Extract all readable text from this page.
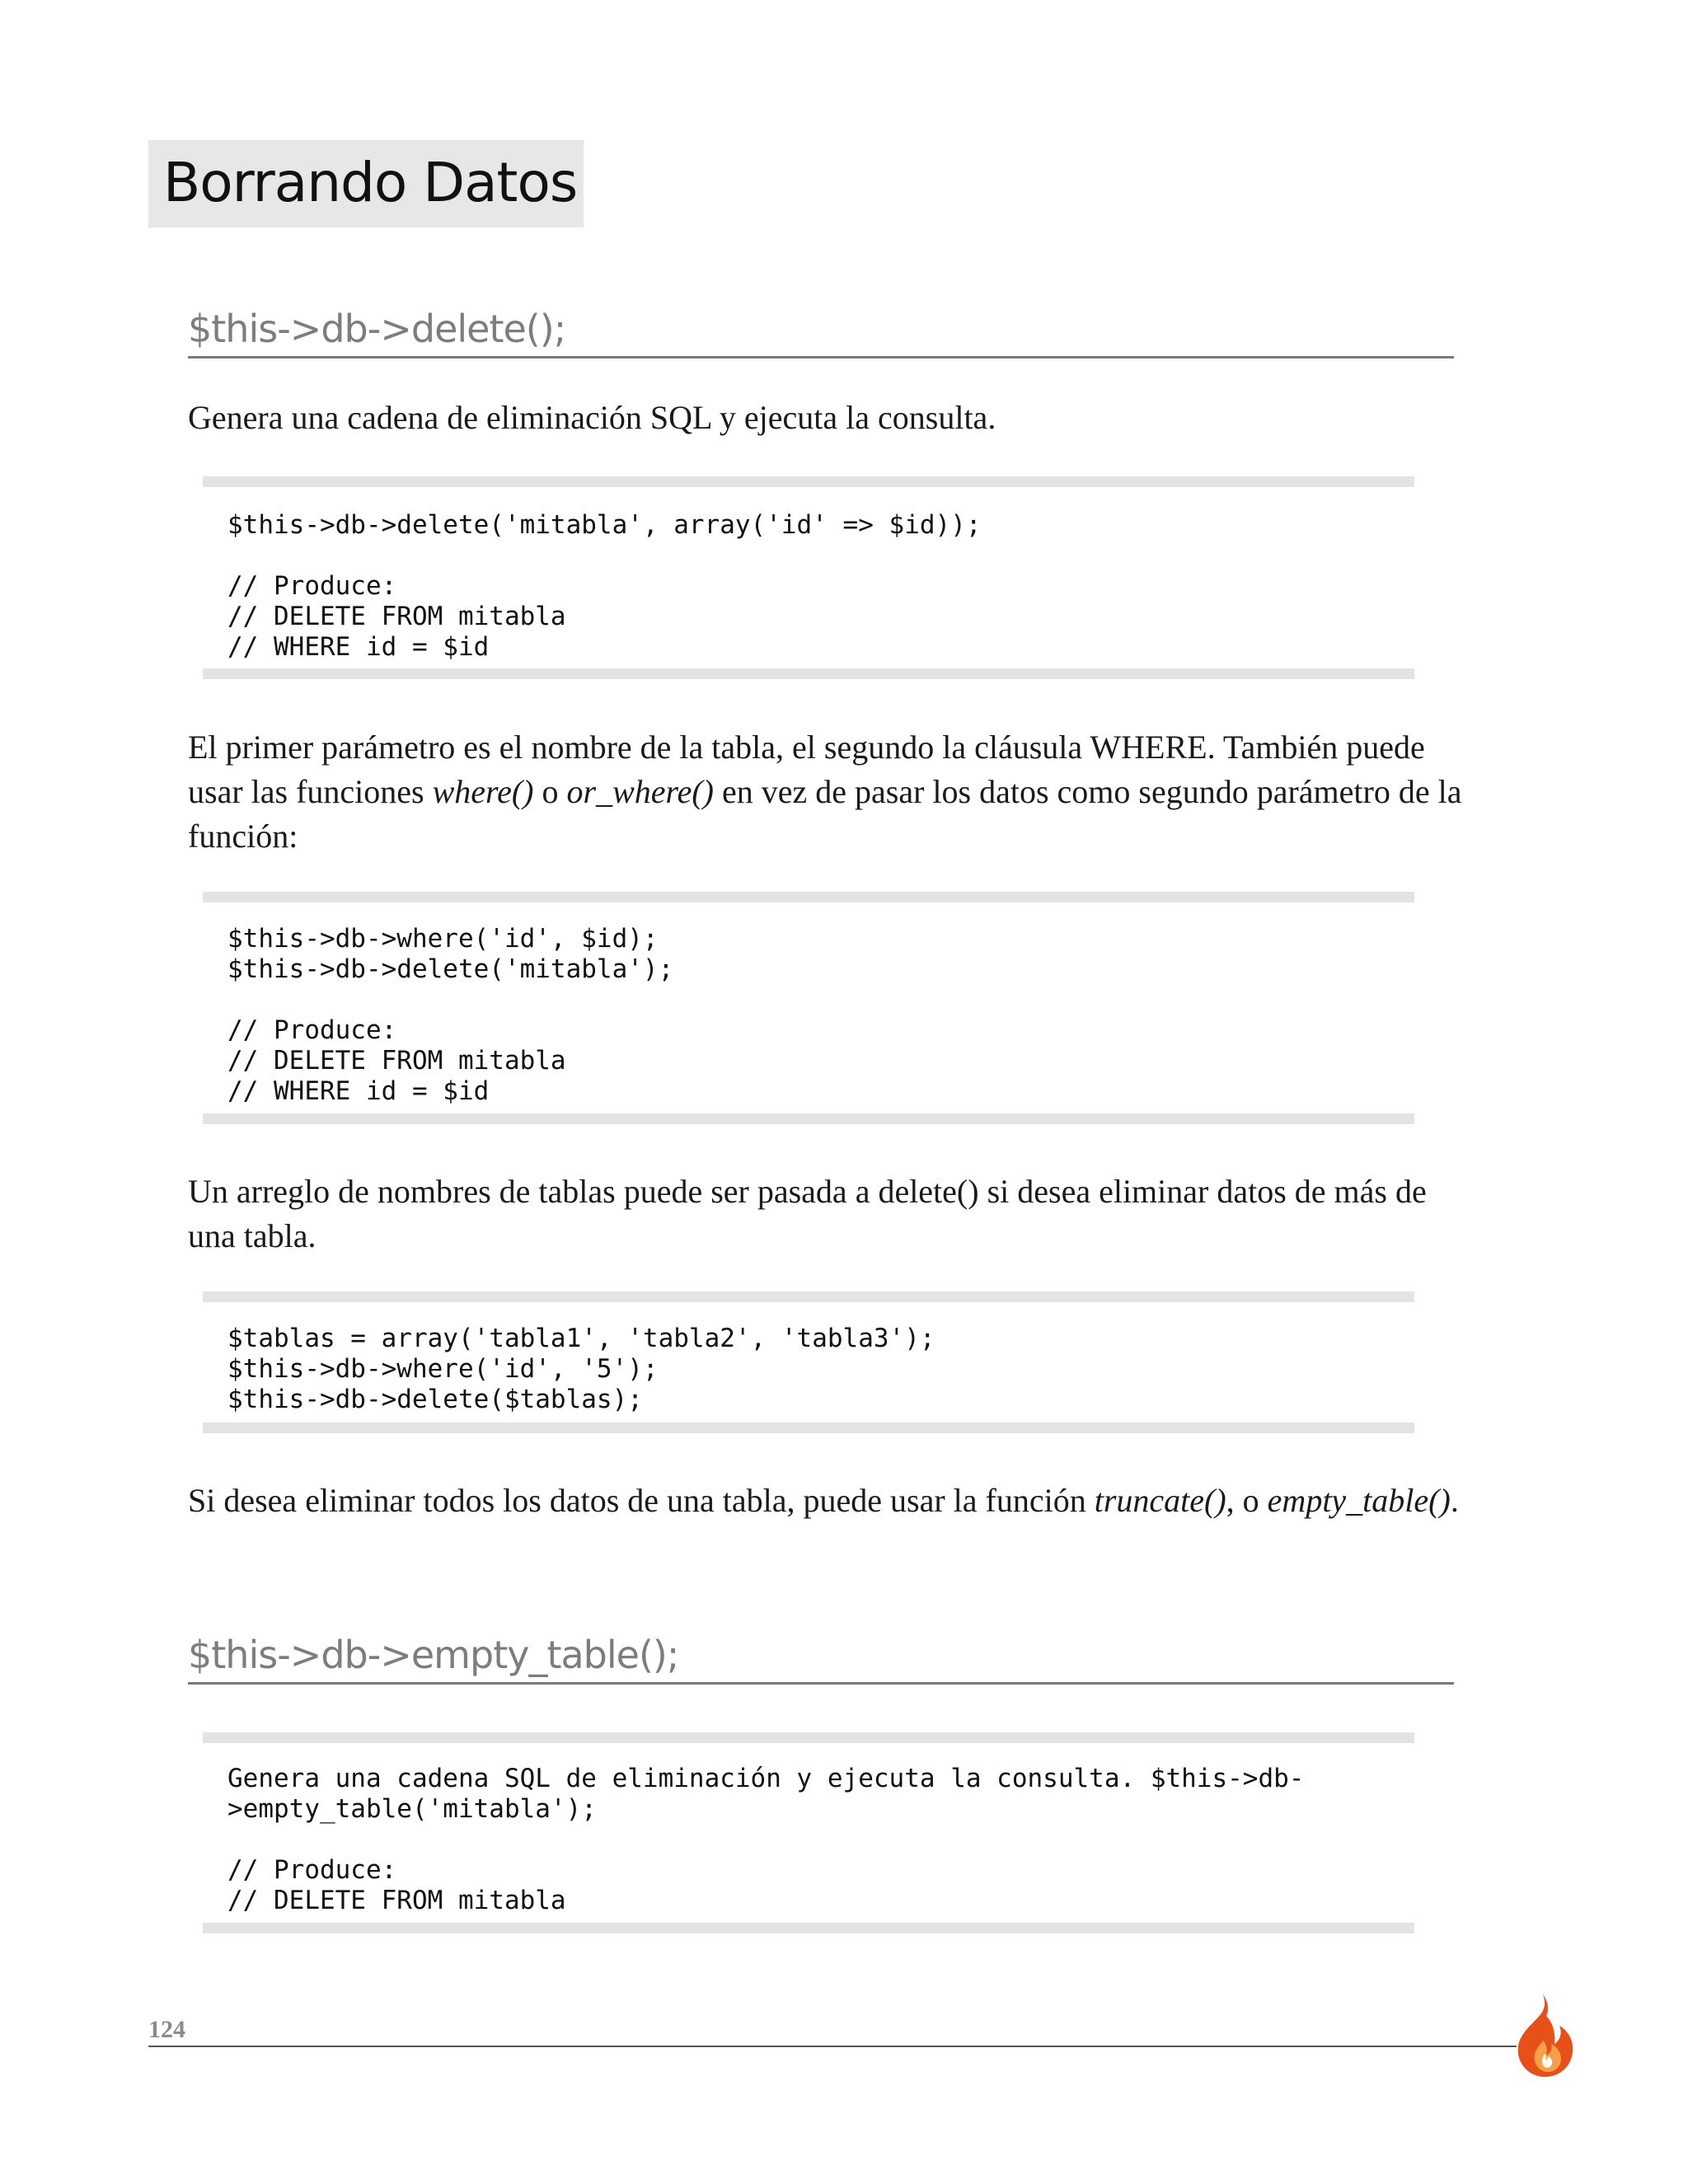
Borrando Datos
$this->db->delete();
Genera una cadena de eliminación SQL y ejecuta la consulta.
$this->db->delete('mitabla', array('id' => $id));

// Produce:
// DELETE FROM mitabla
// WHERE id = $id
El primer parámetro es el nombre de la tabla, el segundo la cláusula WHERE. También puede usar las funciones where() o or_where() en vez de pasar los datos como segundo parámetro de la función:
$this->db->where('id', $id);
$this->db->delete('mitabla');

// Produce:
// DELETE FROM mitabla
// WHERE id = $id
Un arreglo de nombres de tablas puede ser pasada a delete() si desea eliminar datos de más de una tabla.
$tablas = array('tabla1', 'tabla2', 'tabla3');
$this->db->where('id', '5');
$this->db->delete($tablas);
Si desea eliminar todos los datos de una tabla, puede usar la función truncate(), o empty_table().
$this->db->empty_table();
Genera una cadena SQL de eliminación y ejecuta la consulta. $this->db-
>empty_table('mitabla');

// Produce:
// DELETE FROM mitabla
124
